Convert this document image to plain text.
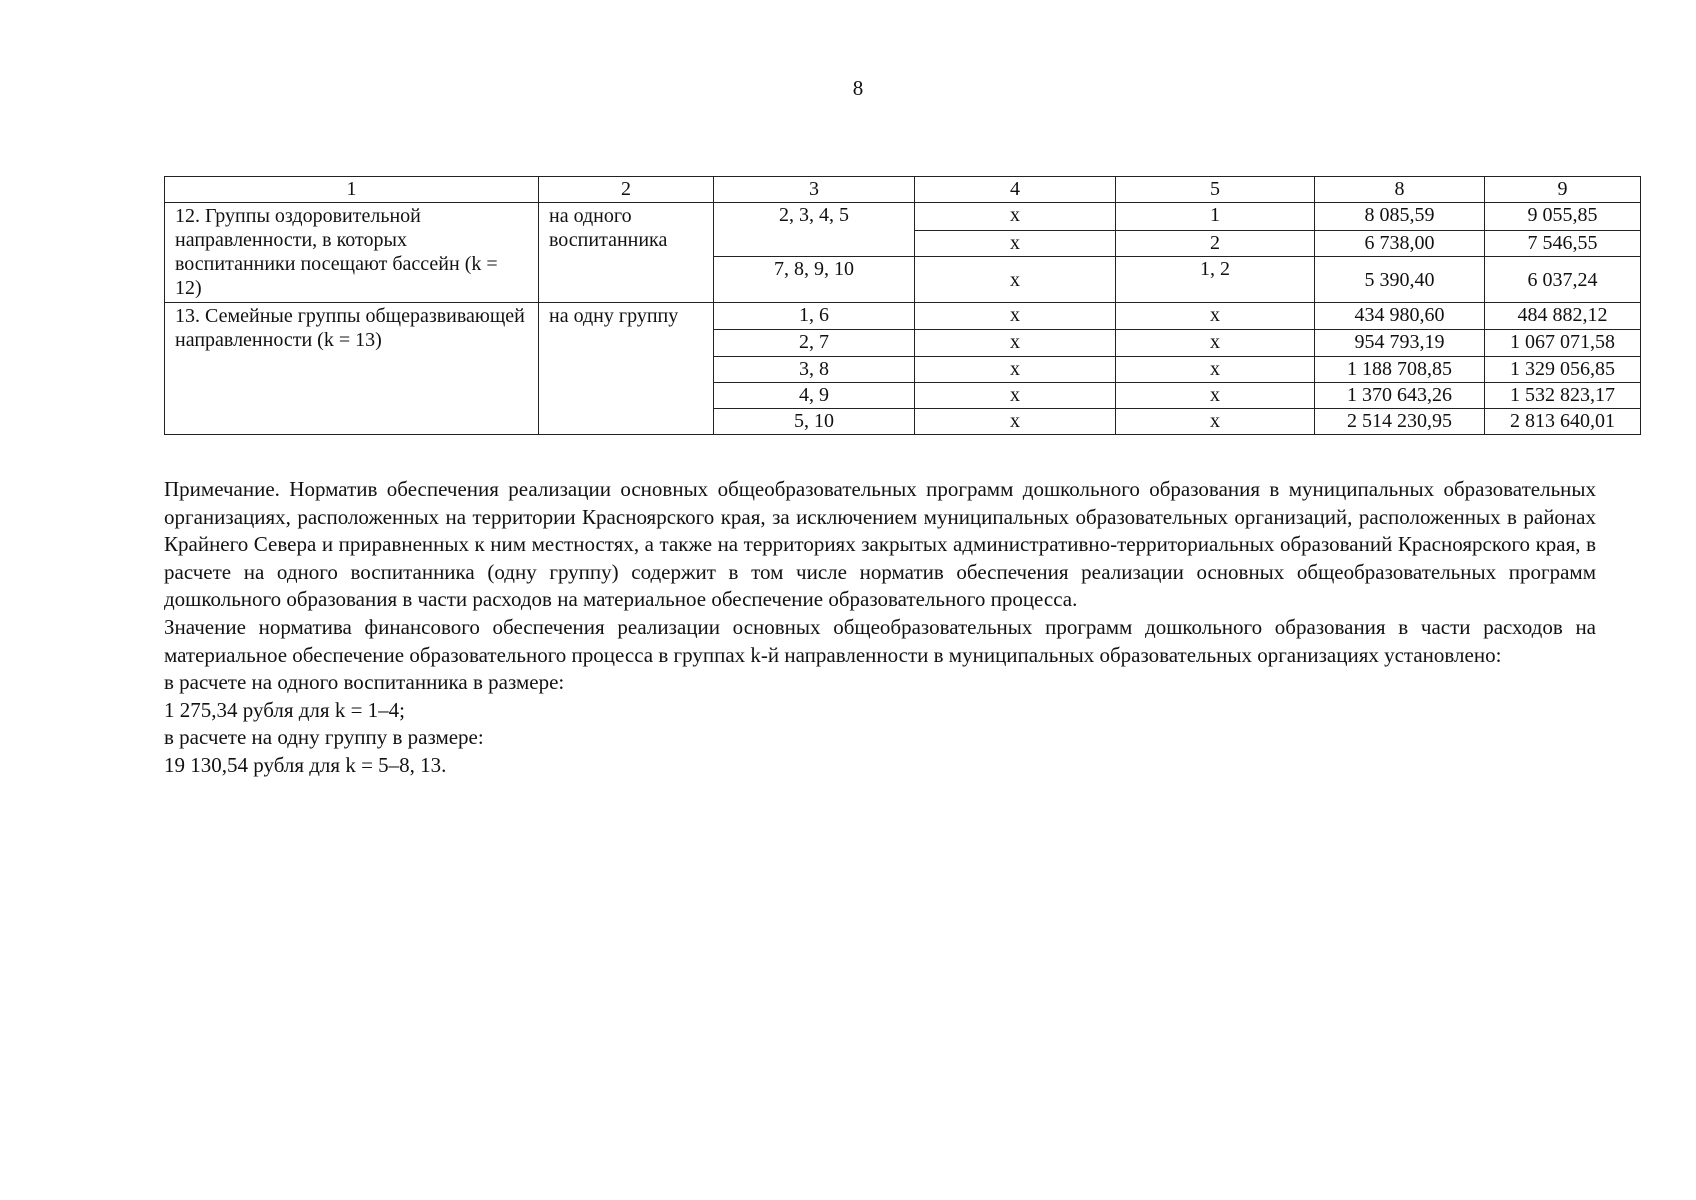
8
1	2	3	4	5	8	9
12. Группы оздоровительной направленности, в которых воспитанники посещают бассейн (k = 12)	на одного воспитанника	2, 3, 4, 5	x	1	8 085,59	9 055,85
			x	2	6 738,00	7 546,55
		7, 8, 9, 10	x	1, 2	5 390,40	6 037,24
13. Семейные группы общеразвивающей направленности (k = 13)	на одну группу	1, 6	x	x	434 980,60	484 882,12
		2, 7	x	x	954 793,19	1 067 071,58
		3, 8	x	x	1 188 708,85	1 329 056,85
		4, 9	x	x	1 370 643,26	1 532 823,17
		5, 10	x	x	2 514 230,95	2 813 640,01

Примечание. Норматив обеспечения реализации основных общеобразовательных программ дошкольного образования в муниципальных образовательных организациях, расположенных на территории Красноярского края, за исключением муниципальных образовательных организаций, расположенных в районах Крайнего Севера и приравненных к ним местностях, а также на территориях закрытых административно-территориальных образований Красноярского края, в расчете на одного воспитанника (одну группу) содержит в том числе норматив обеспечения реализации основных общеобразовательных программ дошкольного образования в части расходов на материальное обеспечение образовательного процесса.

Значение норматива финансового обеспечения реализации основных общеобразовательных программ дошкольного образования в части расходов на материальное обеспечение образовательного процесса в группах k-й направленности в муниципальных образовательных организациях установлено:

в расчете на одного воспитанника в размере:
1 275,34 рубля для k = 1–4;
в расчете на одну группу в размере:
19 130,54 рубля для k = 5–8, 13.
